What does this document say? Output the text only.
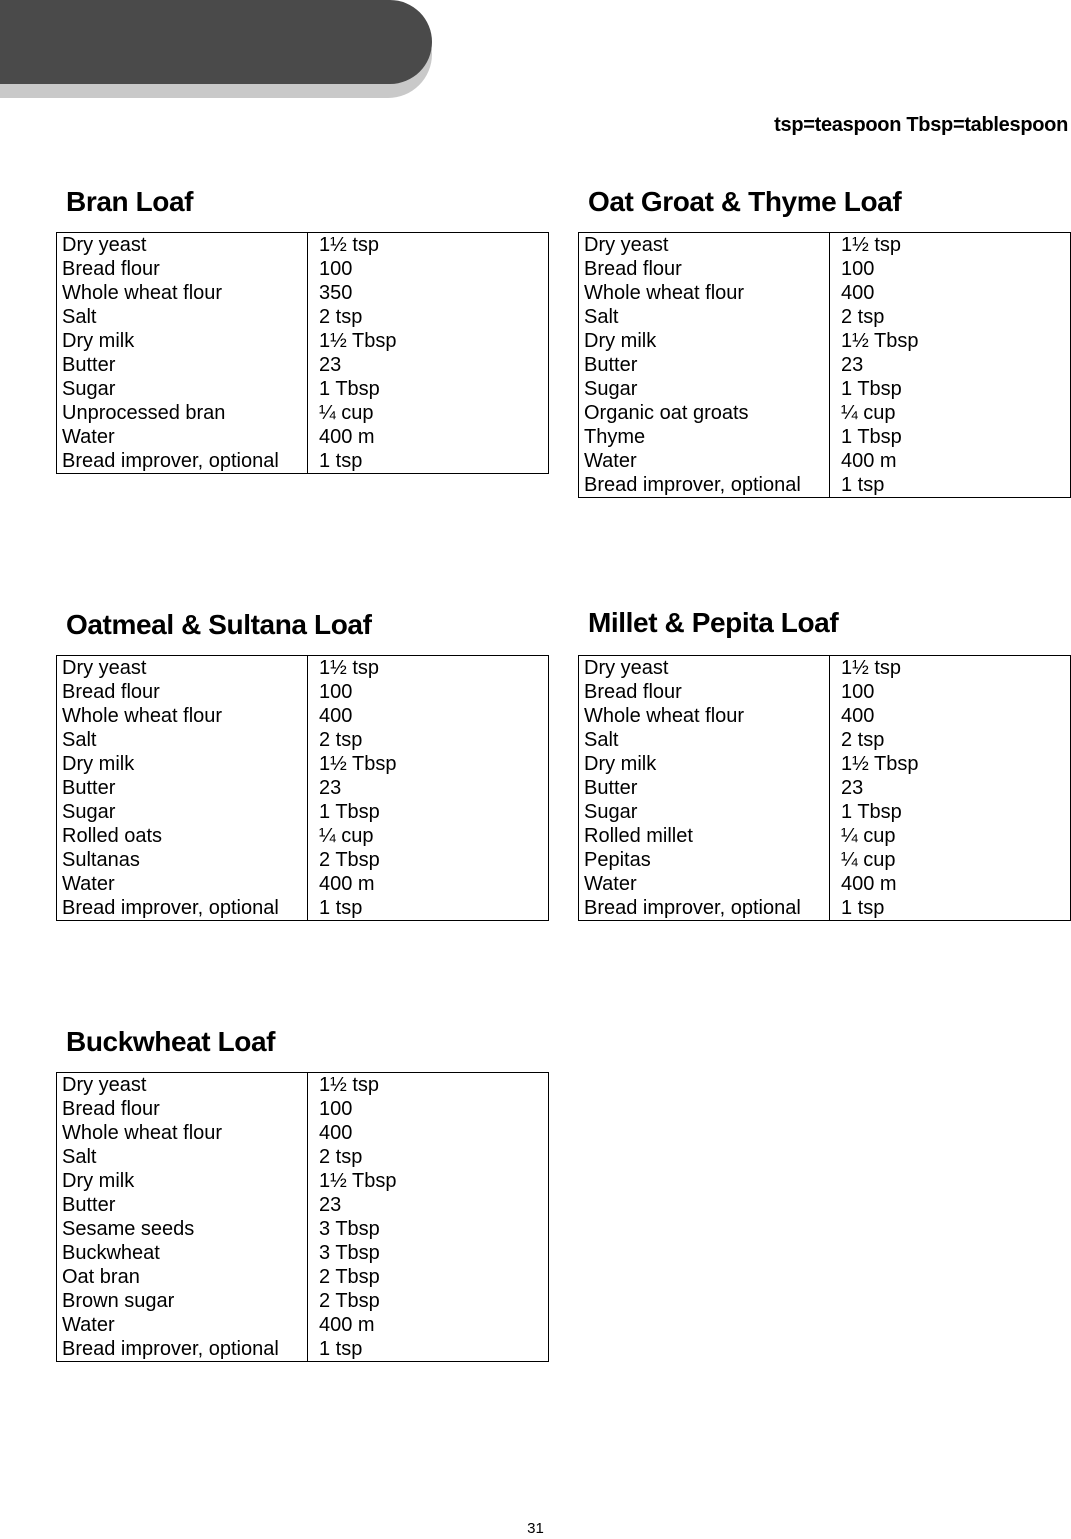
tsp=teaspoon Tbsp=tablespoon
Bran Loaf
Dry yeast
Bread flour
Whole wheat flour
Salt
Dry milk
Butter
Sugar
Unprocessed bran
Water
Bread improver, optional
1½ tsp
100
350
2 tsp
1½ Tbsp
23
1 Tbsp
¼ cup
400 m
1 tsp
Oat Groat & Thyme Loaf
Dry yeast
Bread flour
Whole wheat flour
Salt
Dry milk
Butter
Sugar
Organic oat groats
Thyme
Water
Bread improver, optional
1½ tsp
100
400
2 tsp
1½ Tbsp
23
1 Tbsp
¼ cup
1 Tbsp
400 m
1 tsp
Oatmeal & Sultana Loaf
Dry yeast
Bread flour
Whole wheat flour
Salt
Dry milk
Butter
Sugar
Rolled oats
Sultanas
Water
Bread improver, optional
1½ tsp
100
400
2 tsp
1½ Tbsp
23
1 Tbsp
¼ cup
2 Tbsp
400 m
1 tsp
Millet & Pepita Loaf
Dry yeast
Bread flour
Whole wheat flour
Salt
Dry milk
Butter
Sugar
Rolled millet
Pepitas
Water
Bread improver, optional
1½ tsp
100
400
2 tsp
1½ Tbsp
23
1 Tbsp
¼ cup
¼ cup
400 m
1 tsp
Buckwheat Loaf
Dry yeast
Bread flour
Whole wheat flour
Salt
Dry milk
Butter
Sesame seeds
Buckwheat
Oat bran
Brown sugar
Water
Bread improver, optional
1½ tsp
100
400
2 tsp
1½ Tbsp
23
3 Tbsp
3 Tbsp
2 Tbsp
2 Tbsp
400 m
1 tsp
31
